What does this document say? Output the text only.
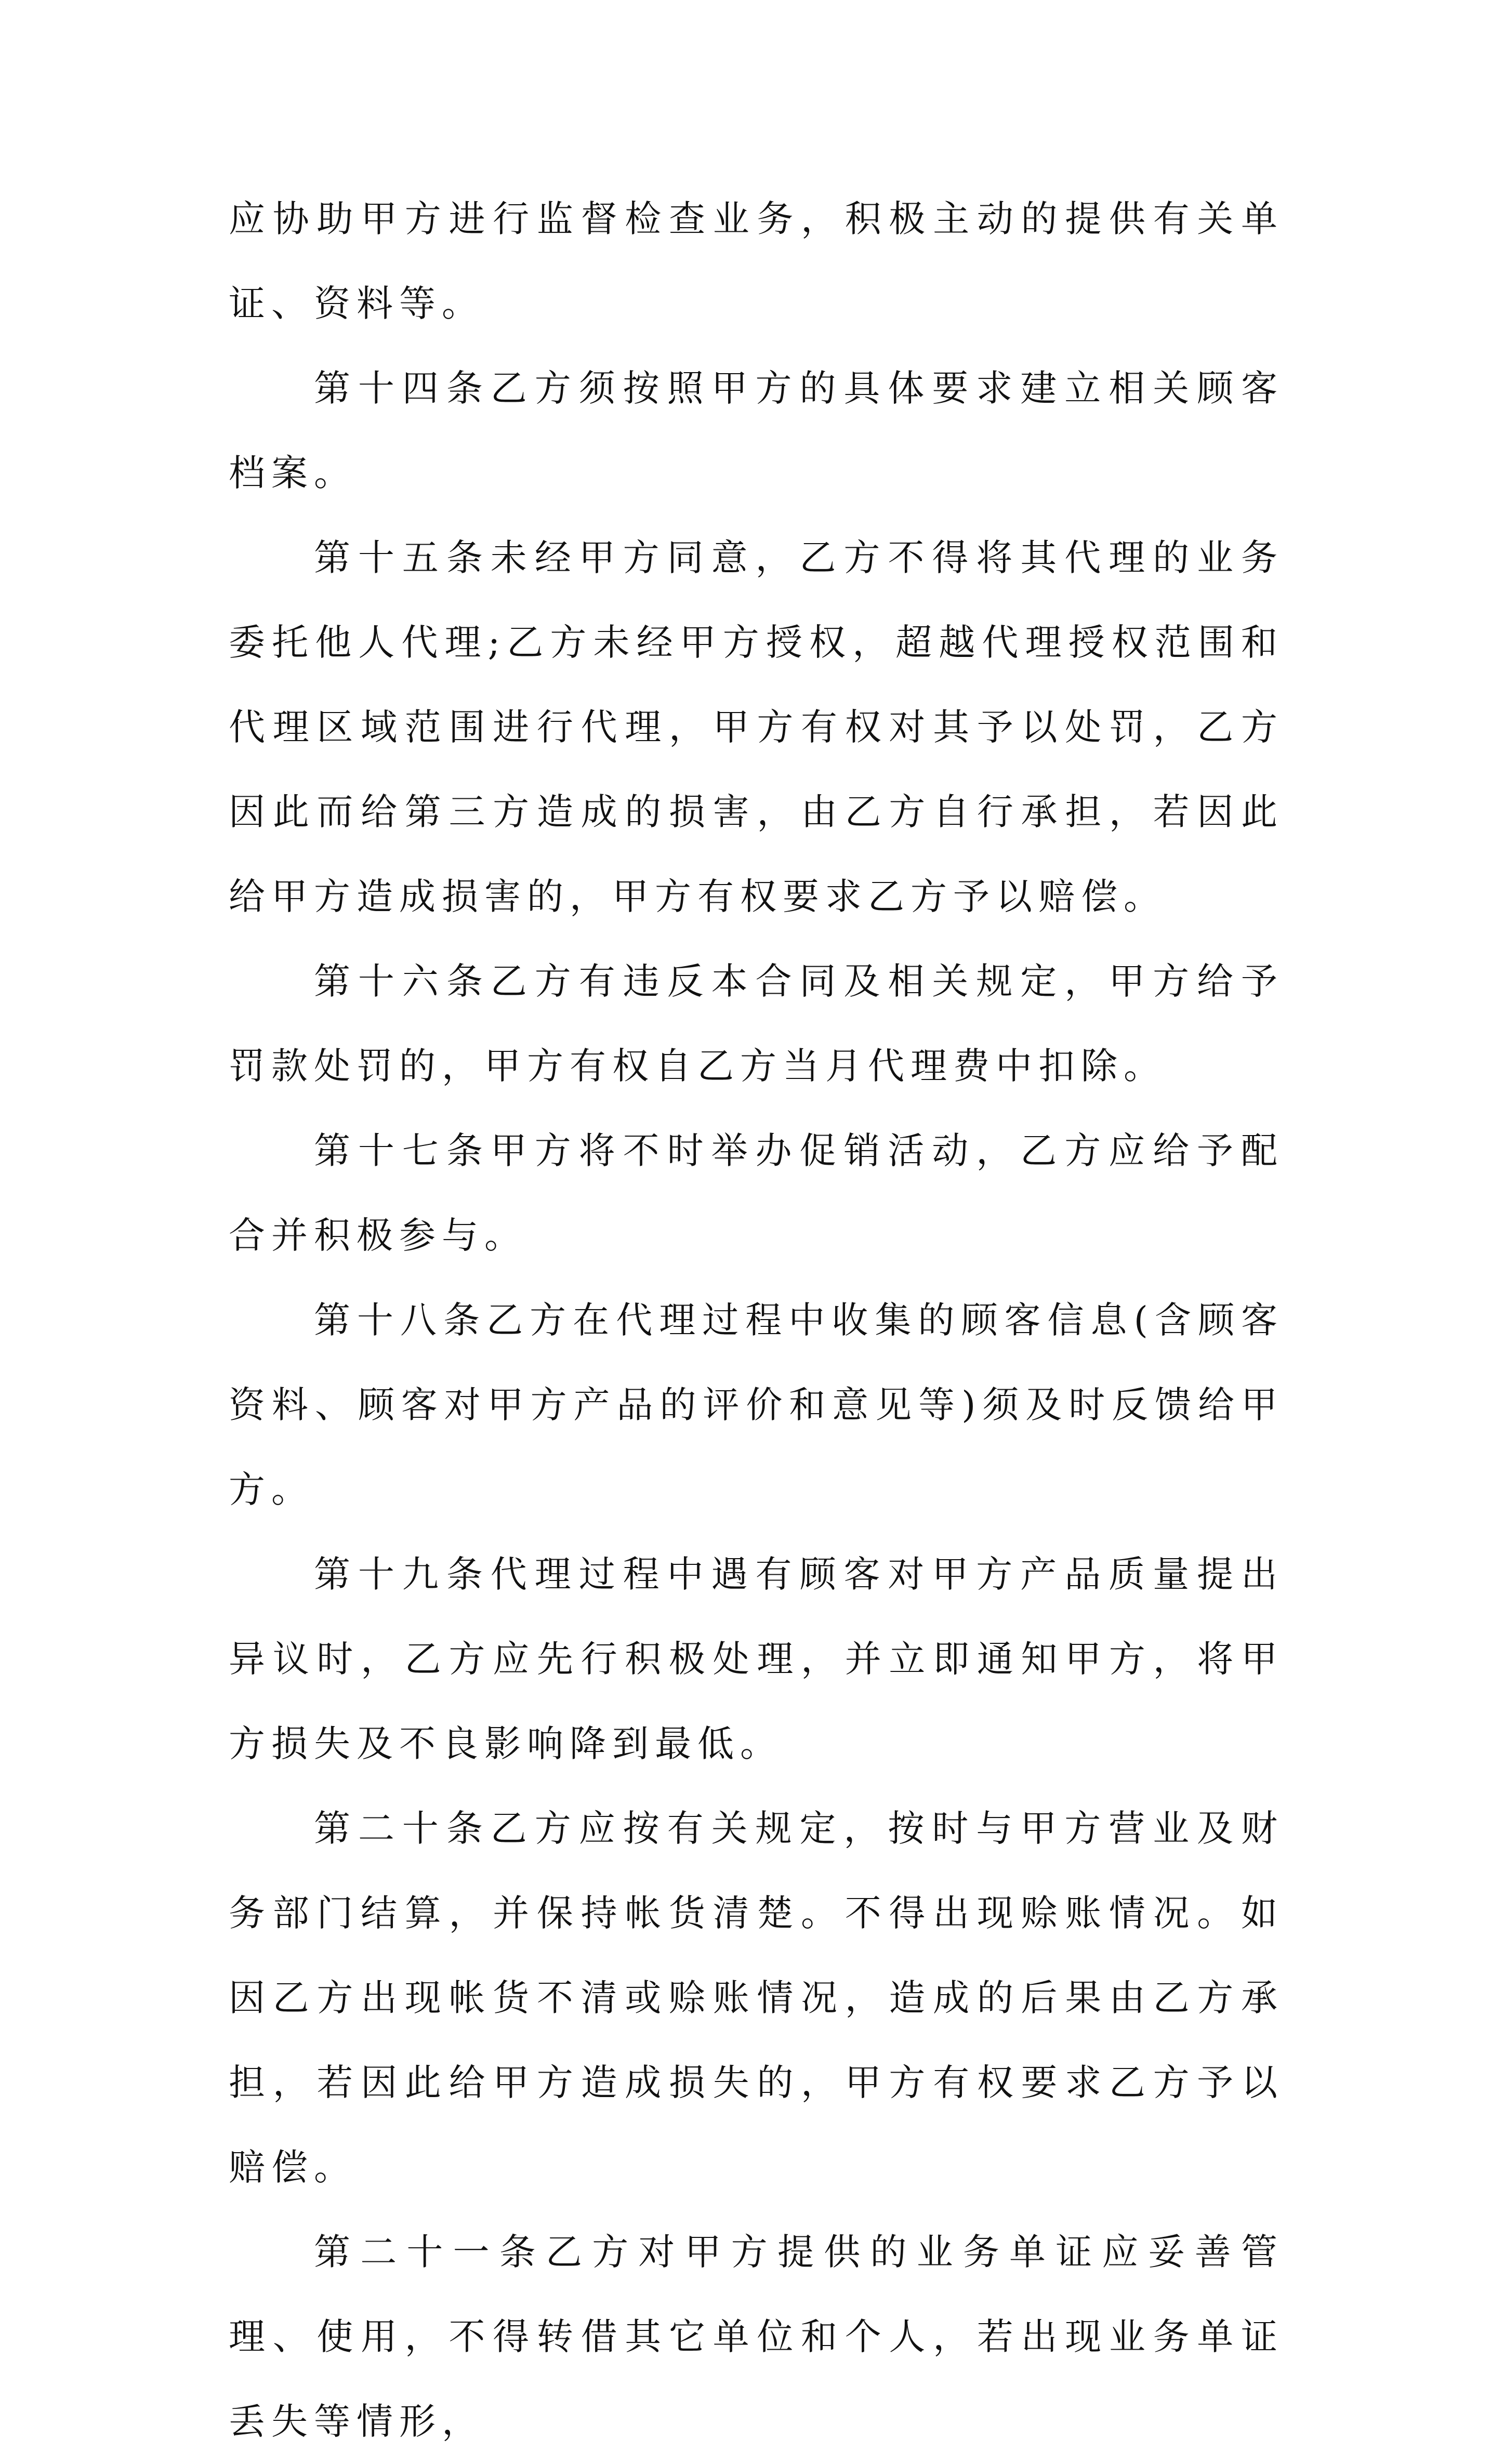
应协助甲方进行监督检查业务，积极主动的提供有关单证、资料等。

第十四条乙方须按照甲方的具体要求建立相关顾客档案。

第十五条未经甲方同意，乙方不得将其代理的业务委托他人代理;乙方未经甲方授权，超越代理授权范围和代理区域范围进行代理，甲方有权对其予以处罚，乙方因此而给第三方造成的损害，由乙方自行承担，若因此给甲方造成损害的，甲方有权要求乙方予以赔偿。

第十六条乙方有违反本合同及相关规定，甲方给予罚款处罚的，甲方有权自乙方当月代理费中扣除。

第十七条甲方将不时举办促销活动，乙方应给予配合并积极参与。

第十八条乙方在代理过程中收集的顾客信息(含顾客资料、顾客对甲方产品的评价和意见等)须及时反馈给甲方。

第十九条代理过程中遇有顾客对甲方产品质量提出异议时，乙方应先行积极处理，并立即通知甲方，将甲方损失及不良影响降到最低。

第二十条乙方应按有关规定，按时与甲方营业及财务部门结算，并保持帐货清楚。不得出现赊账情况。如因乙方出现帐货不清或赊账情况，造成的后果由乙方承担，若因此给甲方造成损失的，甲方有权要求乙方予以赔偿。

第二十一条乙方对甲方提供的业务单证应妥善管理、使用，不得转借其它单位和个人，若出现业务单证丢失等情形，
